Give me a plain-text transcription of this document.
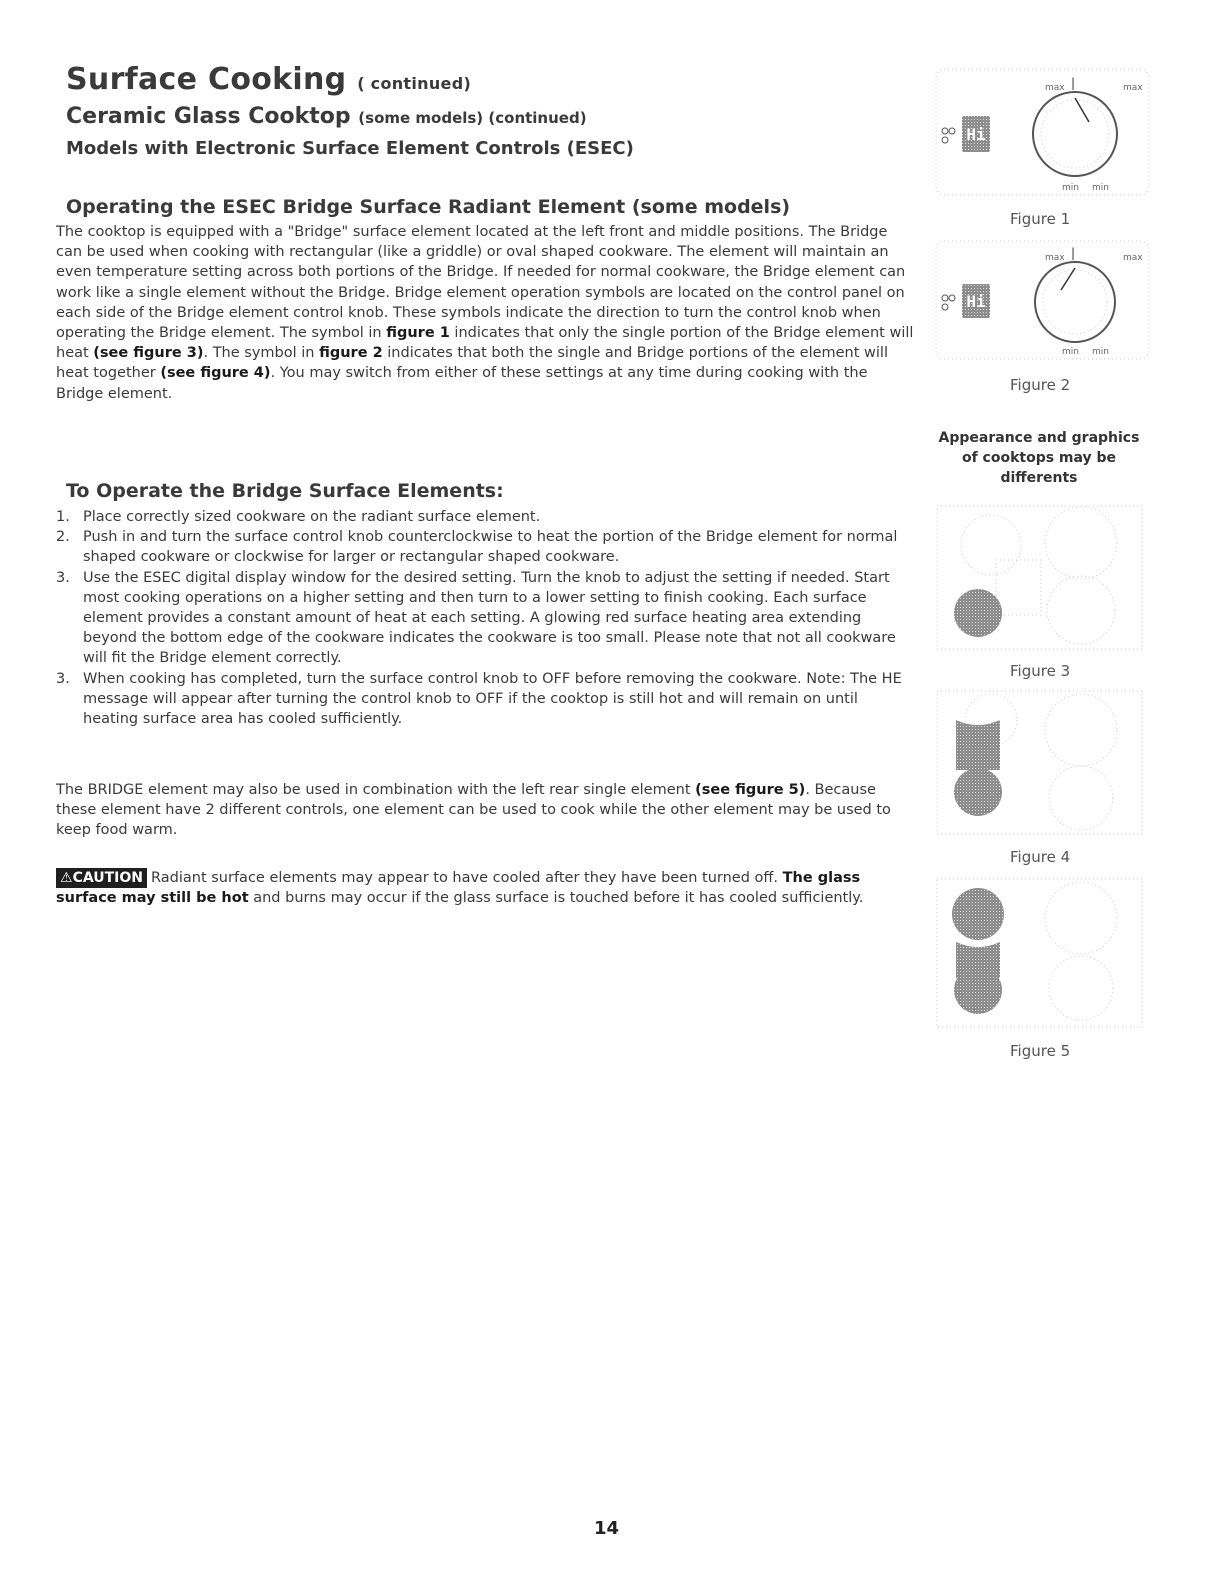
Surface Cooking ( continued)
Ceramic Glass Cooktop (some models) (continued)
Models with Electronic Surface Element Controls (ESEC)
Operating the ESEC Bridge Surface Radiant Element (some models)
The cooktop is equipped with a "Bridge" surface element located at the left front and middle positions. The Bridge can be used when cooking with rectangular (like a griddle) or oval shaped cookware. The element will maintain an even temperature setting across both portions of the Bridge. If needed for normal cookware, the Bridge element can work like a single element without the Bridge. Bridge element operation symbols are located on the control panel on each side of the Bridge element control knob. These symbols indicate the direction to turn the control knob when operating the Bridge element. The symbol in figure 1 indicates that only the single portion of the Bridge element will heat (see figure 3). The symbol in figure 2 indicates that both the single and Bridge portions of the element will heat together (see figure 4). You may switch from either of these settings at any time during cooking with the Bridge element.
To Operate the Bridge Surface Elements:
1. Place correctly sized cookware on the radiant surface element.
2. Push in and turn the surface control knob counterclockwise to heat the portion of the Bridge element for normal shaped cookware or clockwise for larger or rectangular shaped cookware.
3. Use the ESEC digital display window for the desired setting. Turn the knob to adjust the setting if needed. Start most cooking operations on a higher setting and then turn to a lower setting to finish cooking. Each surface element provides a constant amount of heat at each setting. A glowing red surface heating area extending beyond the bottom edge of the cookware indicates the cookware is too small. Please note that not all cookware will fit the Bridge element correctly.
3. When cooking has completed, turn the surface control knob to OFF before removing the cookware. Note: The HE message will appear after turning the control knob to OFF if the cooktop is still hot and will remain on until heating surface area has cooled sufficiently.
The BRIDGE element may also be used in combination with the left rear single element (see figure 5). Because these element have 2 different controls, one element can be used to cook while the other element may be used to keep food warm.
⚠CAUTION Radiant surface elements may appear to have cooled after they have been turned off. The glass surface may still be hot and burns may occur if the glass surface is touched before it has cooled sufficiently.
Hi
max	max
|
min min
Figure 1
Hi
max	max
|
min min
Figure 2
Appearance and graphics of cooktops may be differents
Figure 3
Figure 4
Figure 5
14
